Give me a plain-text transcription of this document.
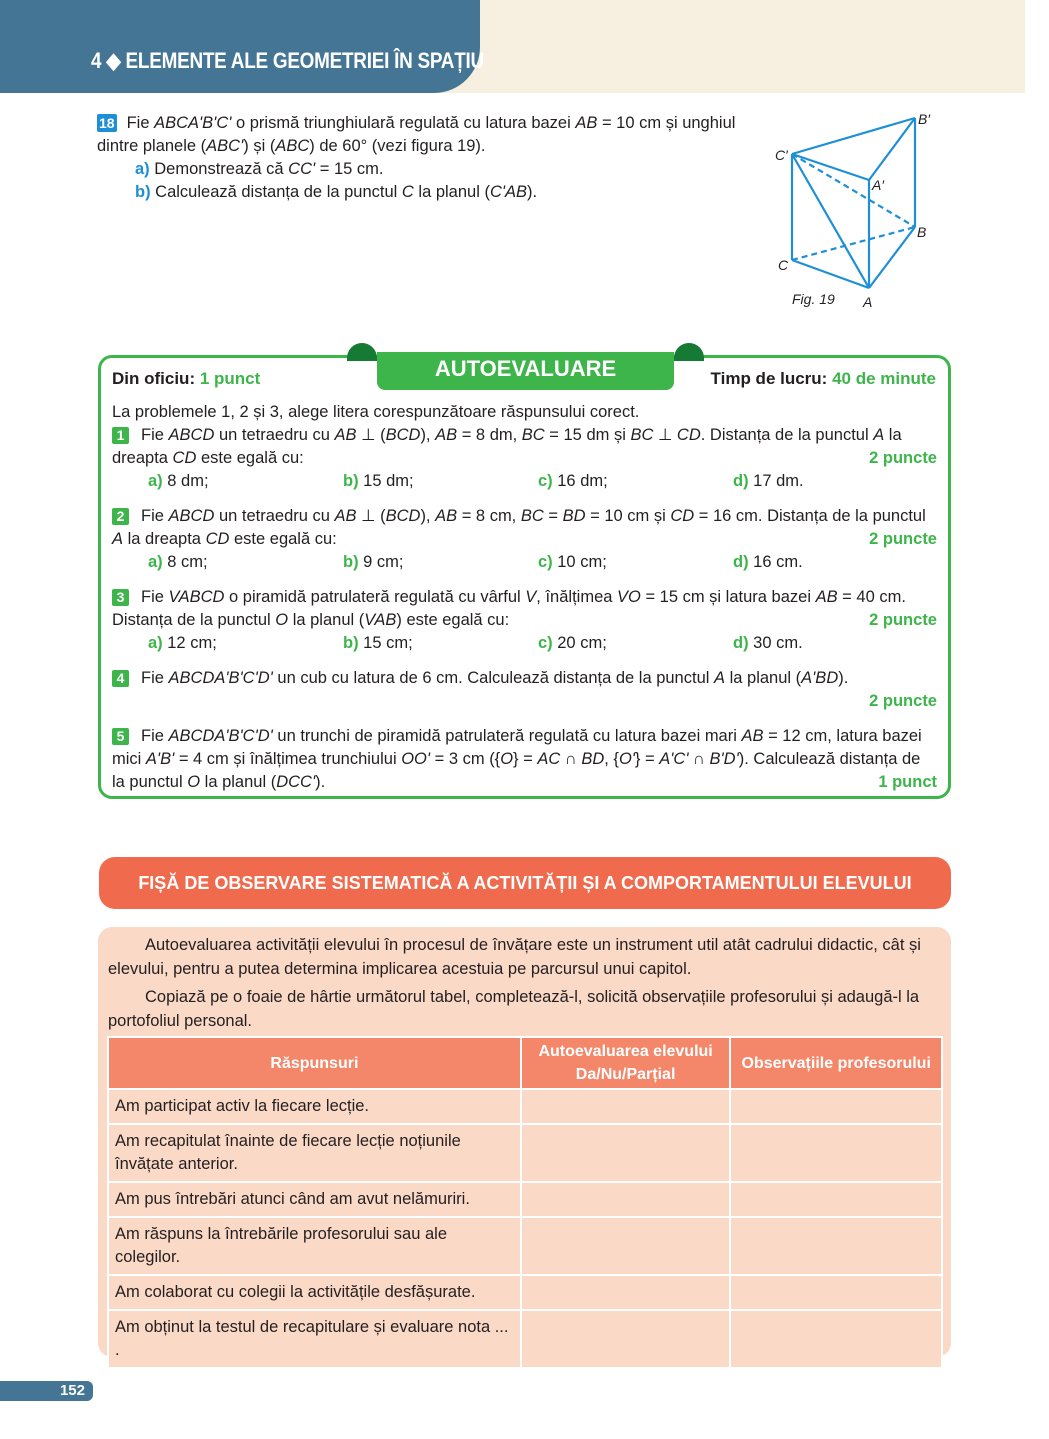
4 ◆ ELEMENTE ALE GEOMETRIEI ÎN SPAȚIU
18 Fie ABCA'B'C' o prismă triunghiulară regulată cu latura bazei AB = 10 cm și unghiul
dintre planele (ABC') și (ABC) de 60° (vezi figura 19).
a) Demonstrează că CC' = 15 cm.
b) Calculează distanța de la punctul C la planul (C'AB).
B′
C′
A′
B
C
A
Fig. 19
AUTOEVALUARE
Din oficiu: 1 punct	Timp de lucru: 40 de minute
La problemele 1, 2 și 3, alege litera corespunzătoare răspunsului corect.
1 Fie ABCD un tetraedru cu AB ⊥ (BCD), AB = 8 dm, BC = 15 dm și BC ⊥ CD. Distanța de la punctul A la dreapta CD este egală cu:	2 puncte
a) 8 dm;	b) 15 dm;	c) 16 dm;	d) 17 dm.
2 Fie ABCD un tetraedru cu AB ⊥ (BCD), AB = 8 cm, BC = BD = 10 cm și CD = 16 cm. Distanța de la punctul A la dreapta CD este egală cu:	2 puncte
a) 8 cm;	b) 9 cm;	c) 10 cm;	d) 16 cm.
3 Fie VABCD o piramidă patrulateră regulată cu vârful V, înălțimea VO = 15 cm și latura bazei AB = 40 cm. Distanța de la punctul O la planul (VAB) este egală cu:	2 puncte
a) 12 cm;	b) 15 cm;	c) 20 cm;	d) 30 cm.
4 Fie ABCDA'B'C'D' un cub cu latura de 6 cm. Calculează distanța de la punctul A la planul (A'BD).
2 puncte
5 Fie ABCDA'B'C'D' un trunchi de piramidă patrulateră regulată cu latura bazei mari AB = 12 cm, latura bazei mici A'B' = 4 cm și înălțimea trunchiului OO' = 3 cm ({O} = AC ∩ BD, {O'} = A'C' ∩ B'D'). Calculează distanța de la punctul O la planul (DCC').	1 punct
FIȘĂ DE OBSERVARE SISTEMATICĂ A ACTIVITĂȚII ȘI A COMPORTAMENTULUI ELEVULUI

Autoevaluarea activității elevului în procesul de învățare este un instrument util atât cadrului didactic, cât și elevului, pentru a putea determina implicarea acestuia pe parcursul unui capitol.

Copiază pe o foaie de hârtie următorul tabel, completează-l, solicită observațiile profesorului și adaugă-l la portofoliul personal.

Răspunsuri	Autoevaluarea elevului Da/Nu/Parțial	Observațiile profesorului
Am participat activ la fiecare lecție.		
Am recapitulat înainte de fiecare lecție noțiunile învățate anterior.		
Am pus întrebări atunci când am avut nelămuriri.		
Am răspuns la întrebările profesorului sau ale colegilor.		
Am colaborat cu colegii la activitățile desfășurate.		
Am obținut la testul de recapitulare și evaluare nota ... .		
152
